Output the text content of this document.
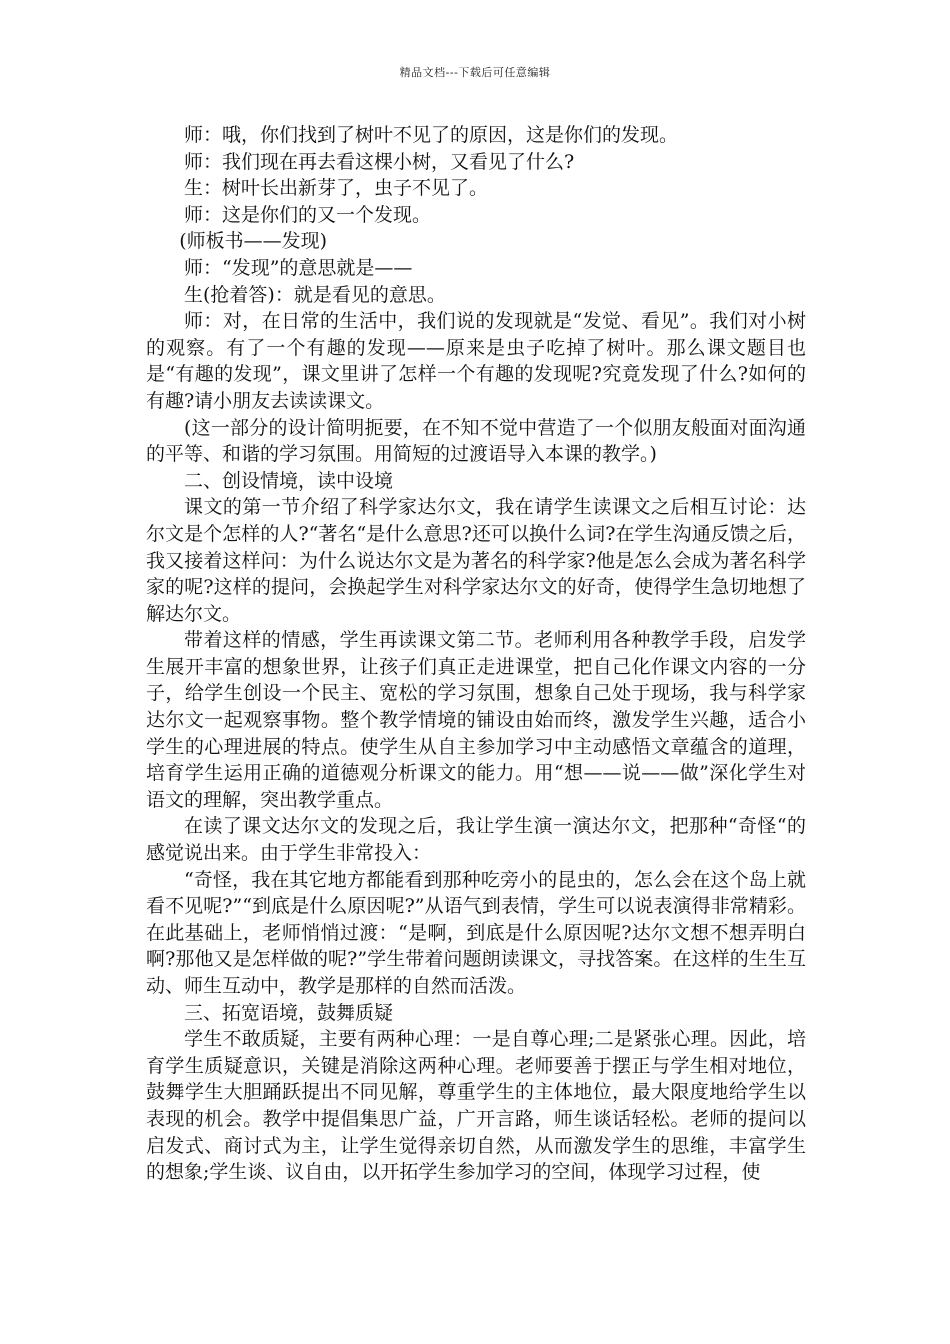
精品文档---下载后可任意编辑

师：哦，你们找到了树叶不见了的原因，这是你们的发现。

师：我们现在再去看这棵小树，又看见了什么?

生：树叶长出新芽了，虫子不见了。

师：这是你们的又一个发现。

(师板书——发现)

师：“发现”的意思就是——

生(抢着答)：就是看见的意思。

师：对，在日常的生活中，我们说的发现就是“发觉、看见”。我们对小树的观察。有了一个有趣的发现——原来是虫子吃掉了树叶。那么课文题目也是“有趣的发现”，课文里讲了怎样一个有趣的发现呢?究竟发现了什么?如何的有趣?请小朋友去读读课文。

(这一部分的设计简明扼要，在不知不觉中营造了一个似朋友般面对面沟通的平等、和谐的学习氛围。用简短的过渡语导入本课的教学。)

二、创设情境，读中设境

课文的第一节介绍了科学家达尔文，我在请学生读课文之后相互讨论：达尔文是个怎样的人?“著名“是什么意思?还可以换什么词?在学生沟通反馈之后，我又接着这样问：为什么说达尔文是为著名的科学家?他是怎么会成为著名科学家的呢?这样的提问，会换起学生对科学家达尔文的好奇，使得学生急切地想了解达尔文。

带着这样的情感，学生再读课文第二节。老师利用各种教学手段，启发学生展开丰富的想象世界，让孩子们真正走进课堂，把自己化作课文内容的一分子，给学生创设一个民主、宽松的学习氛围，想象自己处于现场，我与科学家达尔文一起观察事物。整个教学情境的铺设由始而终，激发学生兴趣，适合小学生的心理进展的特点。使学生从自主参加学习中主动感悟文章蕴含的道理，培育学生运用正确的道德观分析课文的能力。用“想——说——做”深化学生对语文的理解，突出教学重点。

在读了课文达尔文的发现之后，我让学生演一演达尔文，把那种“奇怪“的感觉说出来。由于学生非常投入：

“奇怪，我在其它地方都能看到那种吃旁小的昆虫的，怎么会在这个岛上就看不见呢?”“到底是什么原因呢?”从语气到表情，学生可以说表演得非常精彩。在此基础上，老师悄悄过渡：“是啊，到底是什么原因呢?达尔文想不想弄明白啊?那他又是怎样做的呢?”学生带着问题朗读课文，寻找答案。在这样的生生互动、师生互动中，教学是那样的自然而活泼。

三、拓宽语境，鼓舞质疑

学生不敢质疑，主要有两种心理：一是自尊心理;二是紧张心理。因此，培育学生质疑意识，关键是消除这两种心理。老师要善于摆正与学生相对地位，鼓舞学生大胆踊跃提出不同见解，尊重学生的主体地位，最大限度地给学生以表现的机会。教学中提倡集思广益，广开言路，师生谈话轻松。老师的提问以启发式、商讨式为主，让学生觉得亲切自然，从而激发学生的思维，丰富学生的想象;学生谈、议自由，以开拓学生参加学习的空间，体现学习过程，使
